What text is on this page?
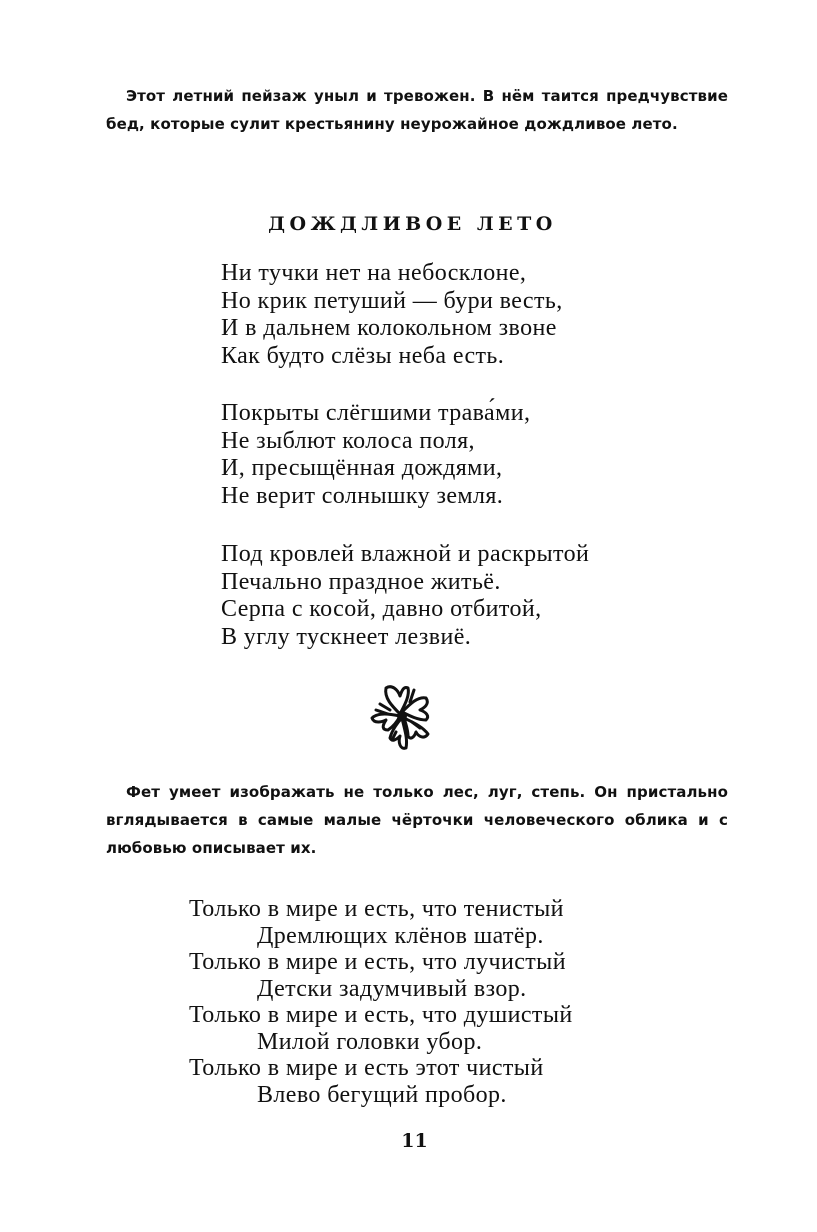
Этот летний пейзаж уныл и тревожен. В нём таится предчувствие бед, которые сулит крестьянину неурожайное дождливое лето.

ДОЖДЛИВОЕ ЛЕТО
Ни тучки нет на небосклоне,
Но крик петуший — бури весть,
И в дальнем колокольном звоне
Как будто слёзы неба есть.
Покрыты слёгшими трава́ми,
Не зыблют колоса поля,
И, пресыщённая дождями,
Не верит солнышку земля.
Под кровлей влажной и раскрытой
Печально праздное житьё.
Серпа с косой, давно отбитой,
В углу тускнеет лезвиё.

Фет умеет изображать не только лес, луг, степь. Он пристально вглядывается в самые малые чёрточки человеческого облика и с любовью описывает их.

Только в мире и есть, что тенистый
Дремлющих клёнов шатёр.
Только в мире и есть, что лучистый
Детски задумчивый взор.
Только в мире и есть, что душистый
Милой головки убор.
Только в мире и есть этот чистый
Влево бегущий пробор.
11
